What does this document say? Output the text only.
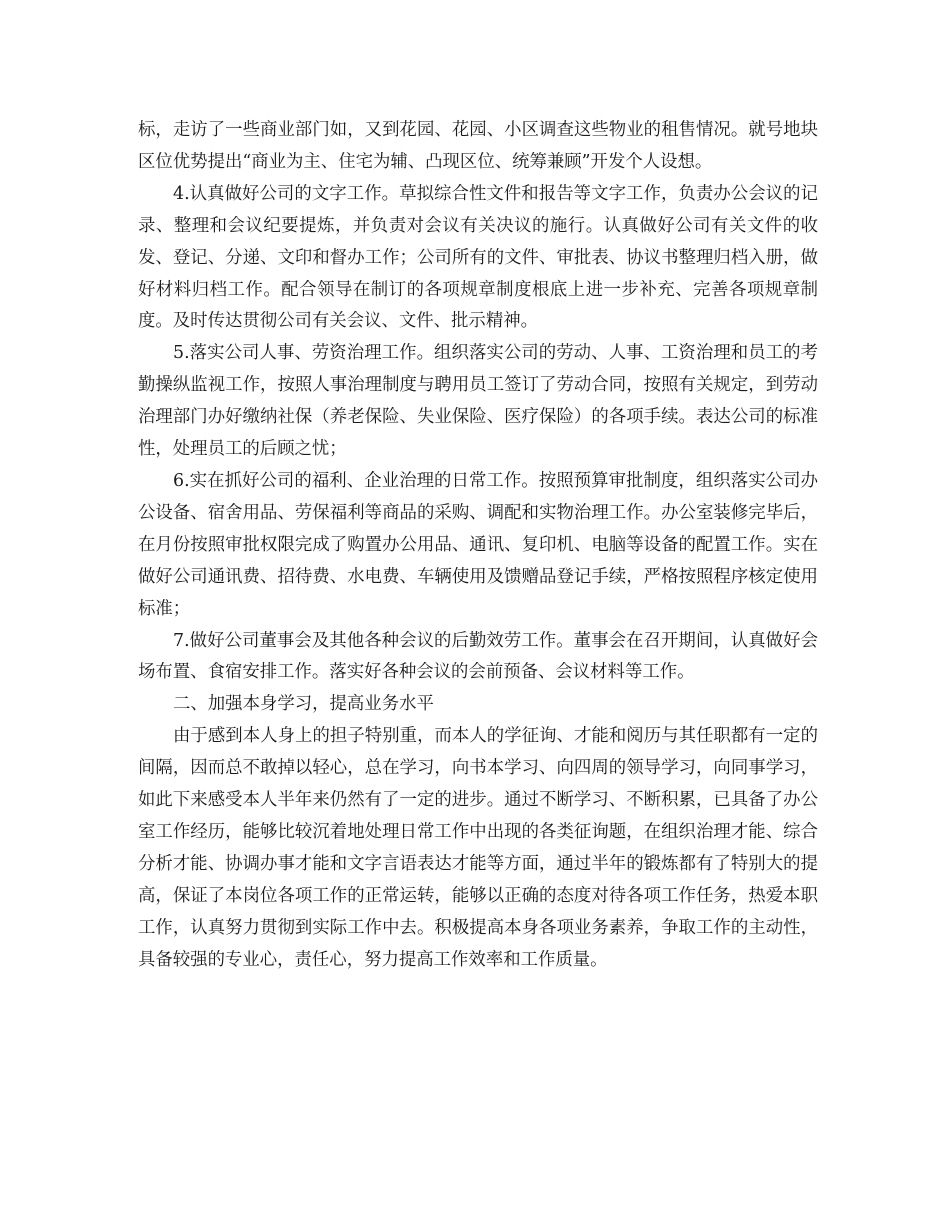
标，走访了一些商业部门如，又到花园、花园、小区调查这些物业的租售情况。就号地块区位优势提出“商业为主、住宅为辅、凸现区位、统筹兼顾”开发个人设想。

4.认真做好公司的文字工作。草拟综合性文件和报告等文字工作，负责办公会议的记录、整理和会议纪要提炼，并负责对会议有关决议的施行。认真做好公司有关文件的收发、登记、分递、文印和督办工作；公司所有的文件、审批表、协议书整理归档入册，做好材料归档工作。配合领导在制订的各项规章制度根底上进一步补充、完善各项规章制度。及时传达贯彻公司有关会议、文件、批示精神。

5.落实公司人事、劳资治理工作。组织落实公司的劳动、人事、工资治理和员工的考勤操纵监视工作，按照人事治理制度与聘用员工签订了劳动合同，按照有关规定，到劳动治理部门办好缴纳社保（养老保险、失业保险、医疗保险）的各项手续。表达公司的标准性，处理员工的后顾之忧；

6.实在抓好公司的福利、企业治理的日常工作。按照预算审批制度，组织落实公司办公设备、宿舍用品、劳保福利等商品的采购、调配和实物治理工作。办公室装修完毕后，在月份按照审批权限完成了购置办公用品、通讯、复印机、电脑等设备的配置工作。实在做好公司通讯费、招待费、水电费、车辆使用及馈赠品登记手续，严格按照程序核定使用标准；

7.做好公司董事会及其他各种会议的后勤效劳工作。董事会在召开期间，认真做好会场布置、食宿安排工作。落实好各种会议的会前预备、会议材料等工作。

二、加强本身学习，提高业务水平

由于感到本人身上的担子特别重，而本人的学征询、才能和阅历与其任职都有一定的间隔，因而总不敢掉以轻心，总在学习，向书本学习、向四周的领导学习，向同事学习，如此下来感受本人半年来仍然有了一定的进步。通过不断学习、不断积累，已具备了办公室工作经历，能够比较沉着地处理日常工作中出现的各类征询题，在组织治理才能、综合分析才能、协调办事才能和文字言语表达才能等方面，通过半年的锻炼都有了特别大的提高，保证了本岗位各项工作的正常运转，能够以正确的态度对待各项工作任务，热爱本职工作，认真努力贯彻到实际工作中去。积极提高本身各项业务素养，争取工作的主动性，具备较强的专业心，责任心，努力提高工作效率和工作质量。
